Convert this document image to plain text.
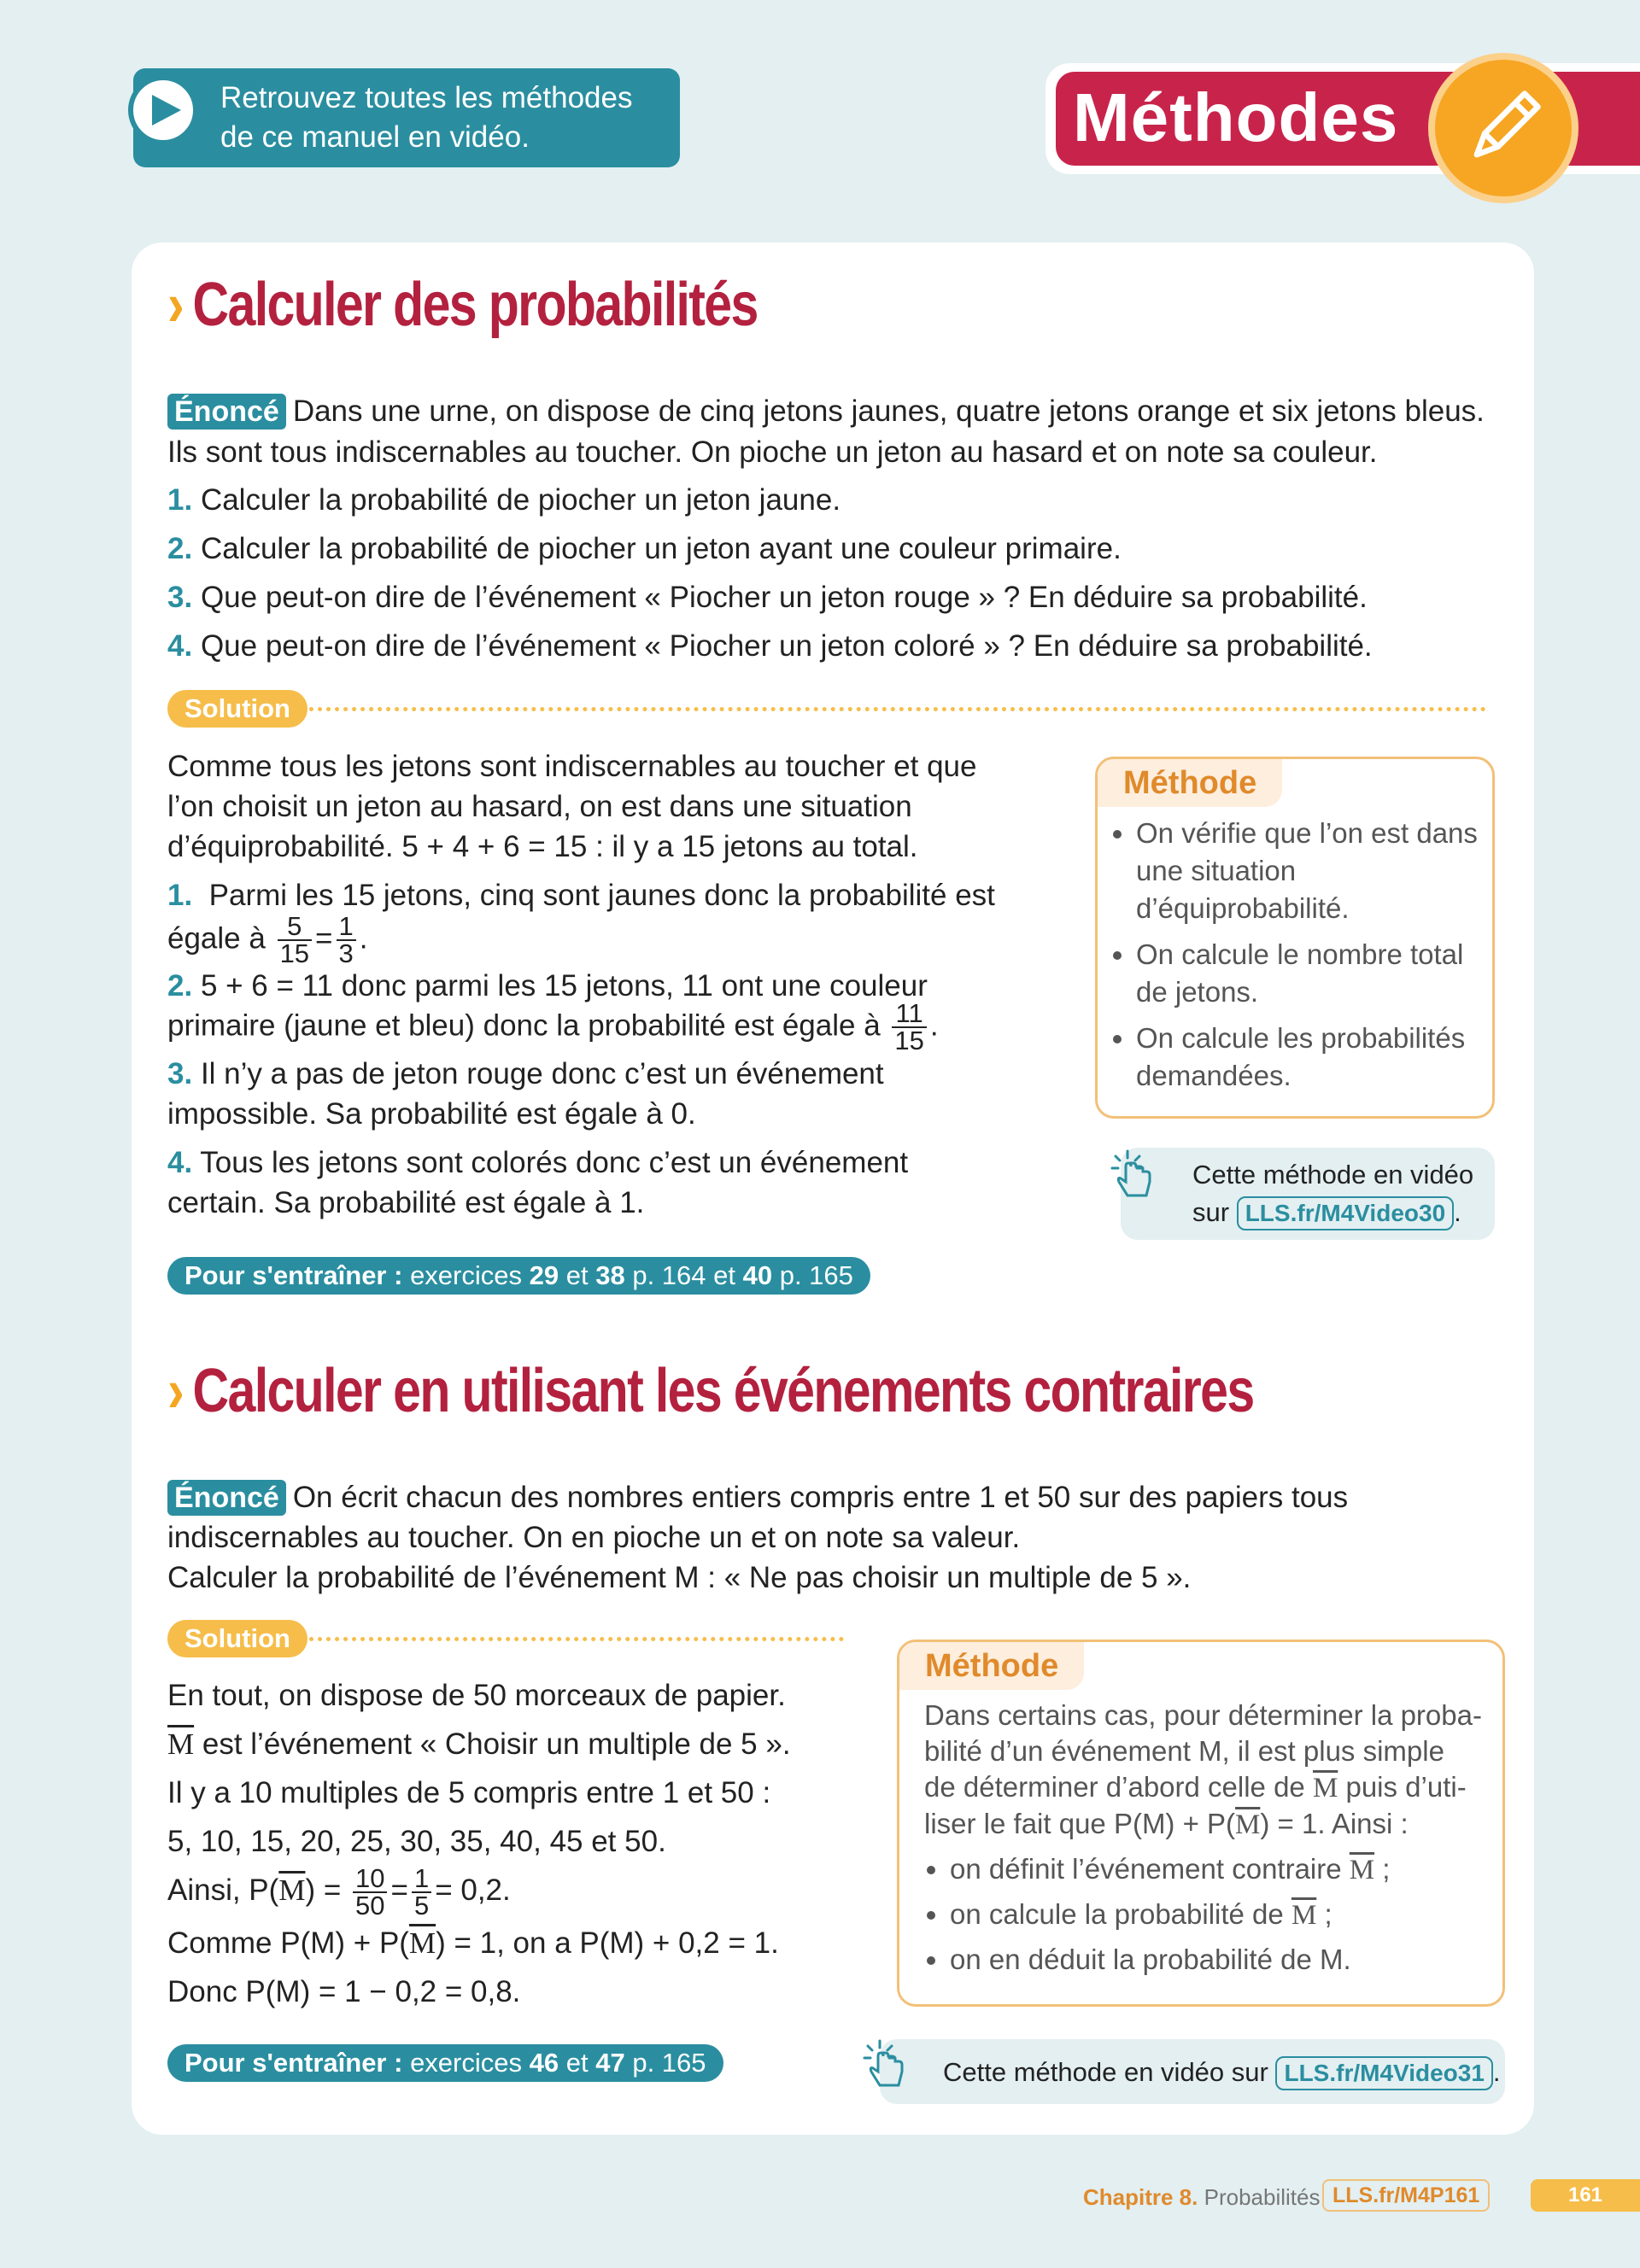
Retrouvez toutes les méthodes
de ce manuel en vidéo.	Méthodes
› Calculer des probabilités
Énoncé Dans une urne, on dispose de cinq jetons jaunes, quatre jetons orange et six jetons bleus.
Ils sont tous indiscernables au toucher. On pioche un jeton au hasard et on note sa couleur.
1. Calculer la probabilité de piocher un jeton jaune.
2. Calculer la probabilité de piocher un jeton ayant une couleur primaire.
3. Que peut-on dire de l’événement « Piocher un jeton rouge » ? En déduire sa probabilité.
4. Que peut-on dire de l’événement « Piocher un jeton coloré » ? En déduire sa probabilité.
Solution
Comme tous les jetons sont indiscernables au toucher et que
l’on choisit un jeton au hasard, on est dans une situation
d’équiprobabilité. 5 + 4 + 6 = 15 : il y a 15 jetons au total.
1. Parmi les 15 jetons, cinq sont jaunes donc la probabilité est
égale à $\frac{5}{15} = \frac{1}{3}$ .
2. 5 + 6 = 11 donc parmi les 15 jetons, 11 ont une couleur
primaire (jaune et bleu) donc la probabilité est égale à $\frac{11}{15}$ .
3. Il n’y a pas de jeton rouge donc c’est un événement
impossible. Sa probabilité est égale à 0.
4. Tous les jetons sont colorés donc c’est un événement
certain. Sa probabilité est égale à 1.
Méthode
• On vérifie que l’on est dans une situation d’équiprobabilité.
• On calcule le nombre total de jetons.
• On calcule les probabilités demandées.
Cette méthode en vidéo
sur LLS.fr/M4Video30 .
Pour s'entraîner : exercices 29 et 38 p. 164 et 40 p. 165
› Calculer en utilisant les événements contraires
Énoncé On écrit chacun des nombres entiers compris entre 1 et 50 sur des papiers tous
indiscernables au toucher. On en pioche un et on note sa valeur.
Calculer la probabilité de l’événement M : « Ne pas choisir un multiple de 5 ».
Solution
En tout, on dispose de 50 morceaux de papier.
$\overline{M}$ est l’événement « Choisir un multiple de 5 ».
Il y a 10 multiples de 5 compris entre 1 et 50 :
5, 10, 15, 20, 25, 30, 35, 40, 45 et 50.
Ainsi, $P(\overline{M}) = \frac{10}{50} = \frac{1}{5} = 0,2$.
Comme $P(M) + P(\overline{M}) = 1$, on a P(M) + 0,2 = 1.
Donc P(M) = 1 − 0,2 = 0,8.
Méthode
Dans certains cas, pour déterminer la proba-
bilité d’un événement M, il est plus simple
de déterminer d’abord celle de $\overline{M}$ puis d’uti-
liser le fait que $P(M) + P(\overline{M}) = 1$. Ainsi :
• on définit l’événement contraire $\overline{M}$ ;
• on calcule la probabilité de $\overline{M}$ ;
• on en déduit la probabilité de M.
Pour s'entraîner : exercices 46 et 47 p. 165	Cette méthode en vidéo sur LLS.fr/M4Video31 .
Chapitre 8. Probabilités LLS.fr/M4P161	161
